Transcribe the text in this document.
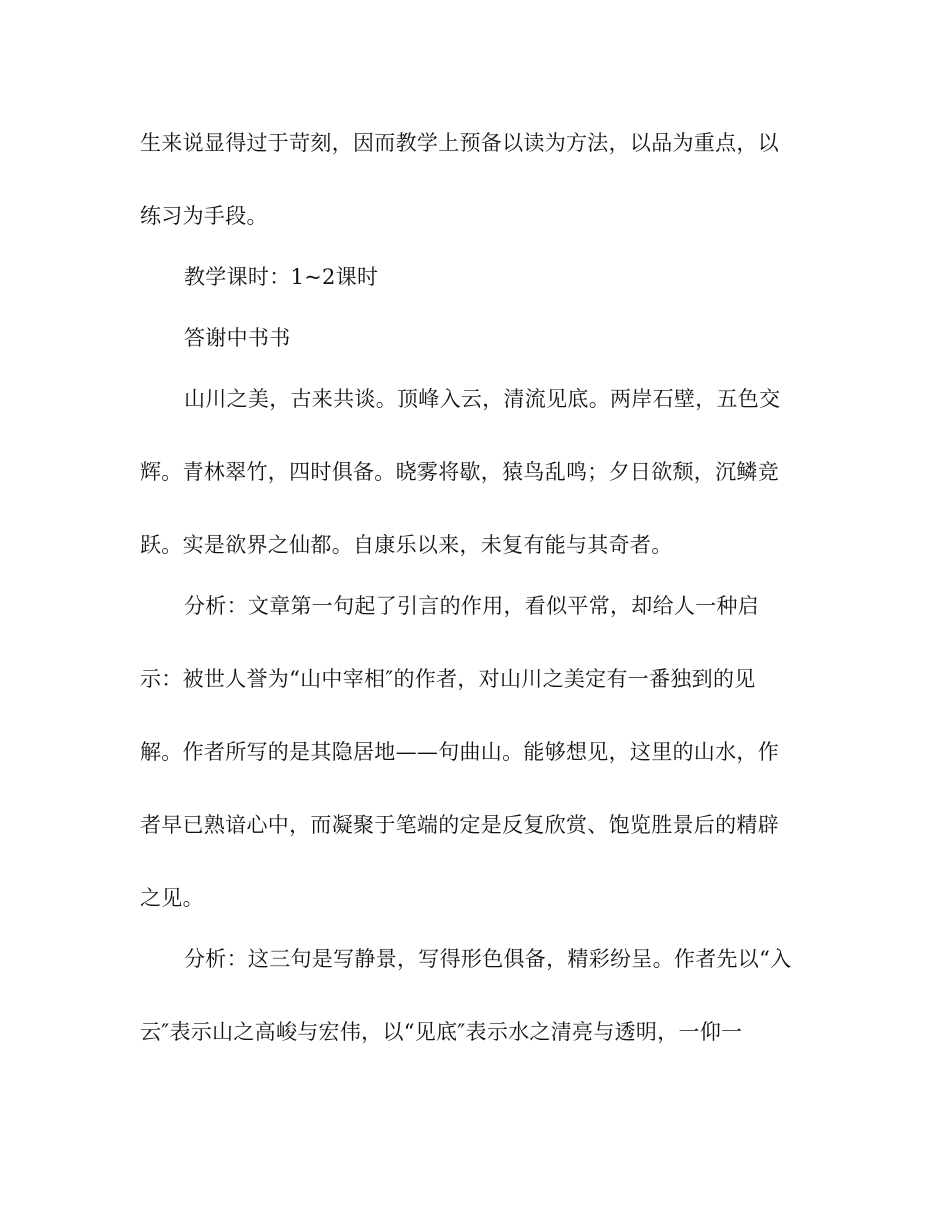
生来说显得过于苛刻，因而教学上预备以读为方法，以品为重点，以
练习为手段。
教学课时：1~2课时
答谢中书书
山川之美，古来共谈。顶峰入云，清流见底。两岸石壁，五色交
辉。青林翠竹，四时俱备。晓雾将歇，猿鸟乱鸣；夕日欲颓，沉鳞竞
跃。实是欲界之仙都。自康乐以来，未复有能与其奇者。
分析：文章第一句起了引言的作用，看似平常，却给人一种启
示：被世人誉为“山中宰相″的作者，对山川之美定有一番独到的见
解。作者所写的是其隐居地——句曲山。能够想见，这里的山水，作
者早已熟谙心中，而凝聚于笔端的定是反复欣赏、饱览胜景后的精辟
之见。
分析：这三句是写静景，写得形色俱备，精彩纷呈。作者先以“入
云″表示山之高峻与宏伟，以“见底″表示水之清亮与透明，一仰一
